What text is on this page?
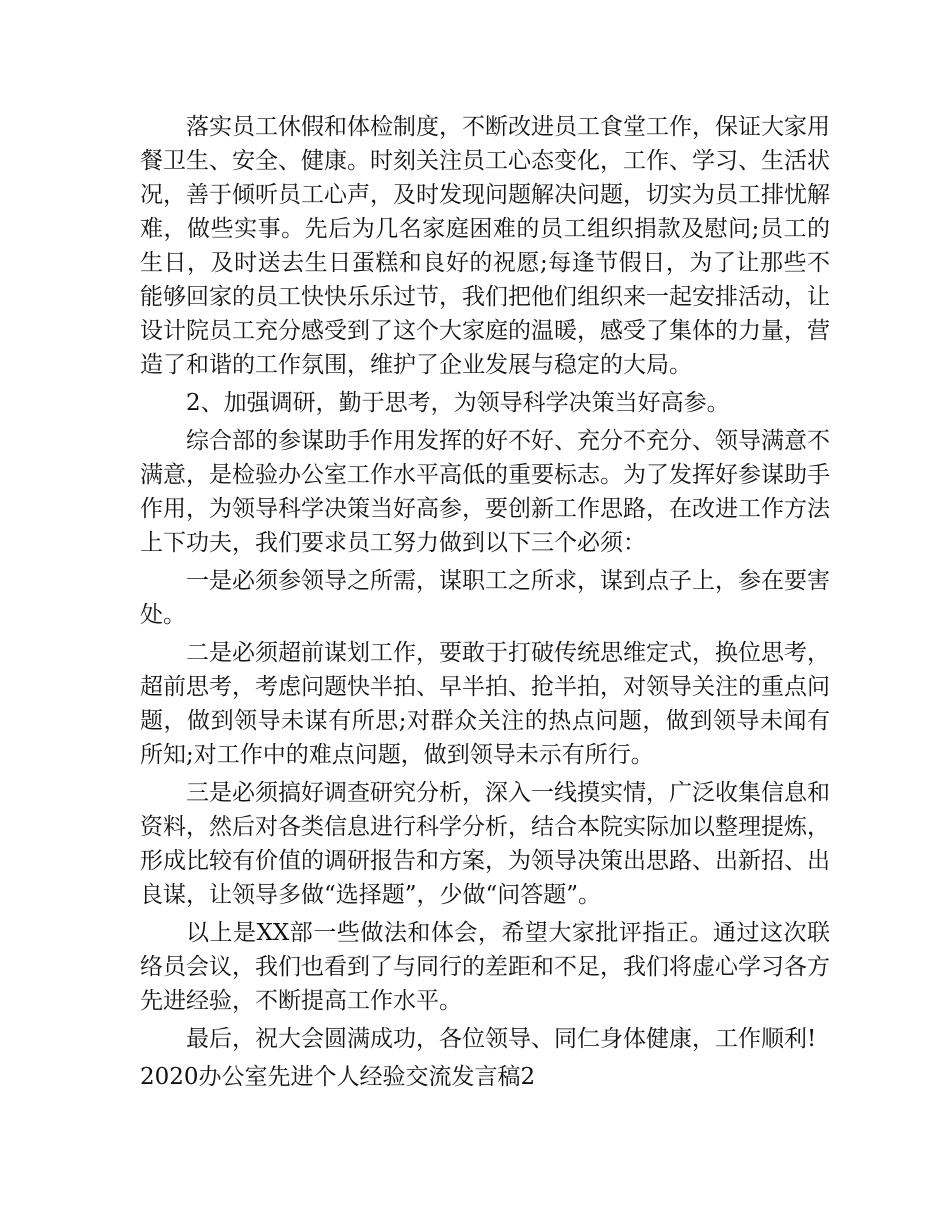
落实员工休假和体检制度，不断改进员工食堂工作，保证大家用餐卫生、安全、健康。时刻关注员工心态变化，工作、学习、生活状况，善于倾听员工心声，及时发现问题解决问题，切实为员工排忧解难，做些实事。先后为几名家庭困难的员工组织捐款及慰问;员工的生日，及时送去生日蛋糕和良好的祝愿;每逢节假日，为了让那些不能够回家的员工快快乐乐过节，我们把他们组织来一起安排活动，让设计院员工充分感受到了这个大家庭的温暖，感受了集体的力量，营造了和谐的工作氛围，维护了企业发展与稳定的大局。

2、加强调研，勤于思考，为领导科学决策当好高参。

综合部的参谋助手作用发挥的好不好、充分不充分、领导满意不满意，是检验办公室工作水平高低的重要标志。为了发挥好参谋助手作用，为领导科学决策当好高参，要创新工作思路，在改进工作方法上下功夫，我们要求员工努力做到以下三个必须：

一是必须参领导之所需，谋职工之所求，谋到点子上，参在要害处。

二是必须超前谋划工作，要敢于打破传统思维定式，换位思考，超前思考，考虑问题快半拍、早半拍、抢半拍，对领导关注的重点问题，做到领导未谋有所思;对群众关注的热点问题，做到领导未闻有所知;对工作中的难点问题，做到领导未示有所行。

三是必须搞好调查研究分析，深入一线摸实情，广泛收集信息和资料，然后对各类信息进行科学分析，结合本院实际加以整理提炼，形成比较有价值的调研报告和方案，为领导决策出思路、出新招、出良谋，让领导多做“选择题”，少做“问答题”。

以上是XX部一些做法和体会，希望大家批评指正。通过这次联络员会议，我们也看到了与同行的差距和不足，我们将虚心学习各方先进经验，不断提高工作水平。

最后，祝大会圆满成功，各位领导、同仁身体健康，工作顺利!

2020办公室先进个人经验交流发言稿2
